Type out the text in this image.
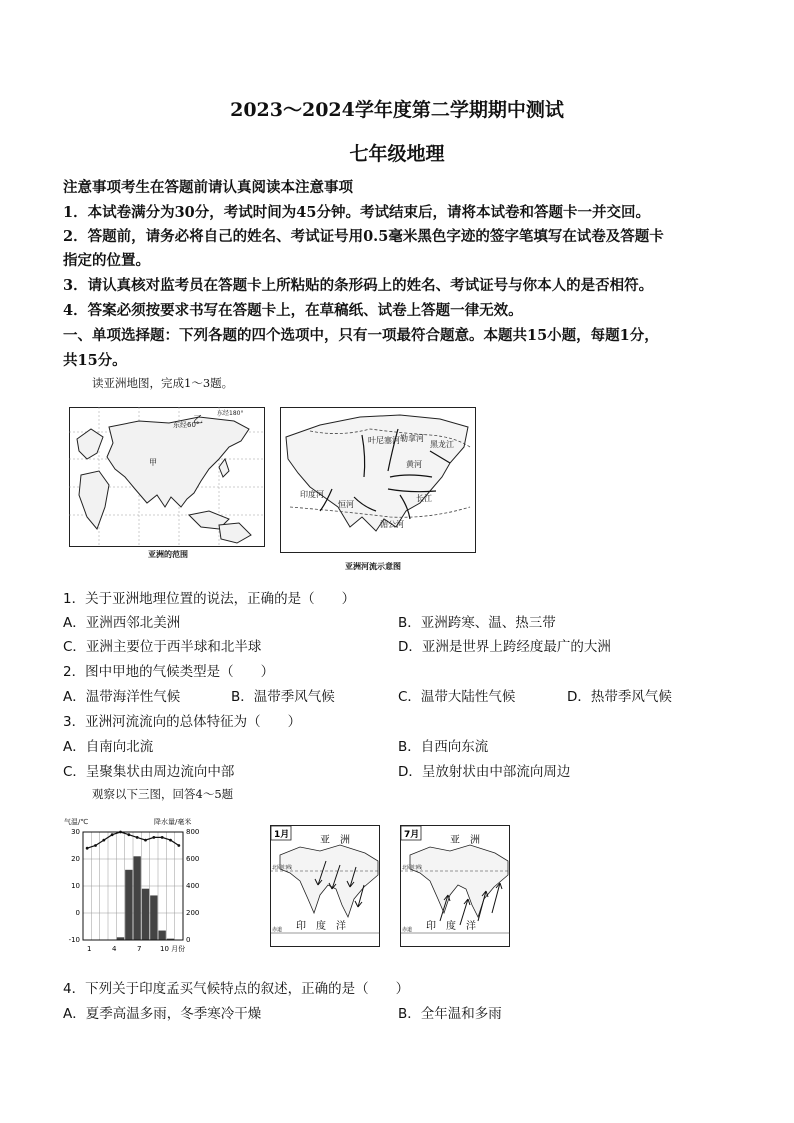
2023～2024学年度第二学期期中测试
七年级地理
注意事项考生在答题前请认真阅读本注意事项
1．本试卷满分为30分，考试时间为45分钟。考试结束后，请将本试卷和答题卡一并交回。
2．答题前，请务必将自己的姓名、考试证号用0.5毫米黑色字迹的签字笔填写在试卷及答题卡
指定的位置。
3．请认真核对监考员在答题卡上所粘贴的条形码上的姓名、考试证号与你本人的是否相符。
4．答案必须按要求书写在答题卡上，在草稿纸、试卷上答题一律无效。
一、单项选择题：下列各题的四个选项中，只有一项最符合题意。本题共15小题，每题1分，
共15分。
读亚洲地图，完成1～3题。
东经60°
东经180°
乙
甲
亚洲的范围
叶尼塞河 勒拿河
黑龙江
黄河
长江
印度河
恒河
湄公河
亚洲河流示意图
1．关于亚洲地理位置的说法，正确的是（　　）
A．亚洲西邻北美洲	B．亚洲跨寒、温、热三带
C．亚洲主要位于西半球和北半球	D．亚洲是世界上跨经度最广的大洲
2．图中甲地的气候类型是（　　）
A．温带海洋性气候	B．温带季风气候	C．温带大陆性气候	D．热带季风气候
3．亚洲河流流向的总体特征为（　　）
A．自南向北流	B．自西向东流
C．呈聚集状由周边流向中部	D．呈放射状由中部流向周边
观察以下三图，回答4～5题
气温/℃	降水量/毫米
30
20
10
0
-10
800
600
400
200
0
1	4	7	10 月份
1月	亚　洲
北回归线
赤道 印　度　洋
7月	亚　洲
北回归线
赤道 印　度　洋
4．下列关于印度孟买气候特点的叙述，正确的是（　　）
A．夏季高温多雨，冬季寒冷干燥	B．全年温和多雨
